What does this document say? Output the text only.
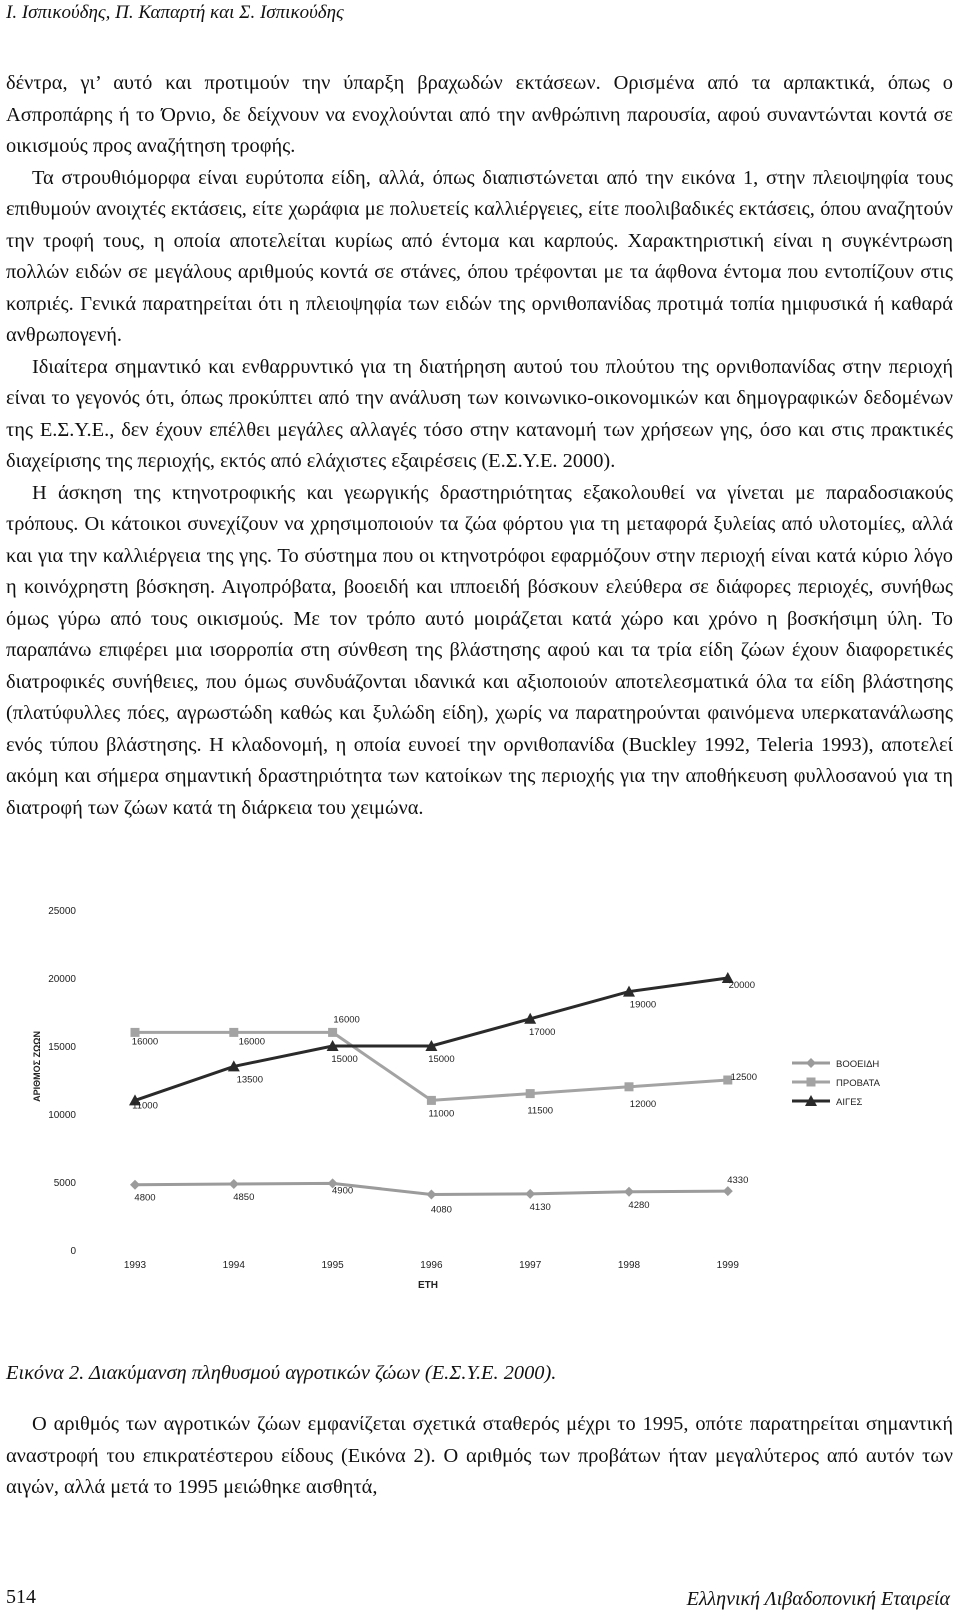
Ι. Ισπικούδης, Π. Καπαρτή και Σ. Ισπικούδης

δέντρα, γι’ αυτό και προτιμούν την ύπαρξη βραχωδών εκτάσεων. Ορισμένα από τα αρπακτικά, όπως ο Ασπροπάρης ή το Όρνιο, δε δείχνουν να ενοχλούνται από την ανθρώπινη παρουσία, αφού συναντώνται κοντά σε οικισμούς προς αναζήτηση τροφής.

Τα στρουθιόμορφα είναι ευρύτοπα είδη, αλλά, όπως διαπιστώνεται από την εικόνα 1, στην πλειοψηφία τους επιθυμούν ανοιχτές εκτάσεις, είτε χωράφια με πολυετείς καλλιέργειες, είτε ποολιβαδικές εκτάσεις, όπου αναζητούν την τροφή τους, η οποία αποτελείται κυρίως από έντομα και καρπούς. Χαρακτηριστική είναι η συγκέντρωση πολλών ειδών σε μεγάλους αριθμούς κοντά σε στάνες, όπου τρέφονται με τα άφθονα έντομα που εντοπίζουν στις κοπριές. Γενικά παρατηρείται ότι η πλειοψηφία των ειδών της ορνιθοπανίδας προτιμά τοπία ημιφυσικά ή καθαρά ανθρωπογενή.

Ιδιαίτερα σημαντικό και ενθαρρυντικό για τη διατήρηση αυτού του πλούτου της ορνιθοπανίδας στην περιοχή είναι το γεγονός ότι, όπως προκύπτει από την ανάλυση των κοινωνικο-οικονομικών και δημογραφικών δεδομένων της Ε.Σ.Υ.Ε., δεν έχουν επέλθει μεγάλες αλλαγές τόσο στην κατανομή των χρήσεων γης, όσο και στις πρακτικές διαχείρισης της περιοχής, εκτός από ελάχιστες εξαιρέσεις (Ε.Σ.Υ.Ε. 2000).

Η άσκηση της κτηνοτροφικής και γεωργικής δραστηριότητας εξακολουθεί να γίνεται με παραδοσιακούς τρόπους. Οι κάτοικοι συνεχίζουν να χρησιμοποιούν τα ζώα φόρτου για τη μεταφορά ξυλείας από υλοτομίες, αλλά και για την καλλιέργεια της γης. Το σύστημα που οι κτηνοτρόφοι εφαρμόζουν στην περιοχή είναι κατά κύριο λόγο η κοινόχρηστη βόσκηση. Αιγοπρόβατα, βοοειδή και ιπποειδή βόσκουν ελεύθερα σε διάφορες περιοχές, συνήθως όμως γύρω από τους οικισμούς. Με τον τρόπο αυτό μοιράζεται κατά χώρο και χρόνο η βοσκήσιμη ύλη. Το παραπάνω επιφέρει μια ισορροπία στη σύνθεση της βλάστησης αφού και τα τρία είδη ζώων έχουν διαφορετικές διατροφικές συνήθειες, που όμως συνδυάζονται ιδανικά και αξιοποιούν αποτελεσματικά όλα τα είδη βλάστησης (πλατύφυλλες πόες, αγρωστώδη καθώς και ξυλώδη είδη), χωρίς να παρατηρούνται φαινόμενα υπερκατανάλωσης ενός τύπου βλάστησης. Η κλαδονομή, η οποία ευνοεί την ορνιθοπανίδα (Buckley 1992, Teleria 1993), αποτελεί ακόμη και σήμερα σημαντική δραστηριότητα των κατοίκων της περιοχής για την αποθήκευση φυλλοσανού για τη διατροφή των ζώων κατά τη διάρκεια του χειμώνα.

0
5000
10000
15000
20000
25000
1993	1994	1995	1996	1997	1998	1999
ΕΤΗ
ΑΡΙΘΜΟΣ ΖΩΩΝ
4800	4850
4900
4080	4130	4280
4330
16000	16000
16000
11000	11500
12000
12500
11000
13500
15000	15000
17000
19000
20000
ΒΟΟΕΙΔΗ
ΠΡΟΒΑΤΑ
ΑΙΓΕΣ
Εικόνα 2. Διακύμανση πληθυσμού αγροτικών ζώων (Ε.Σ.Υ.Ε. 2000).

Ο αριθμός των αγροτικών ζώων εμφανίζεται σχετικά σταθερός μέχρι το 1995, οπότε παρατηρείται σημαντική αναστροφή του επικρατέστερου είδους (Εικόνα 2). Ο αριθμός των προβάτων ήταν μεγαλύτερος από αυτόν των αιγών, αλλά μετά το 1995 μειώθηκε αισθητά,

514	Ελληνική Λιβαδοπονική Εταιρεία
